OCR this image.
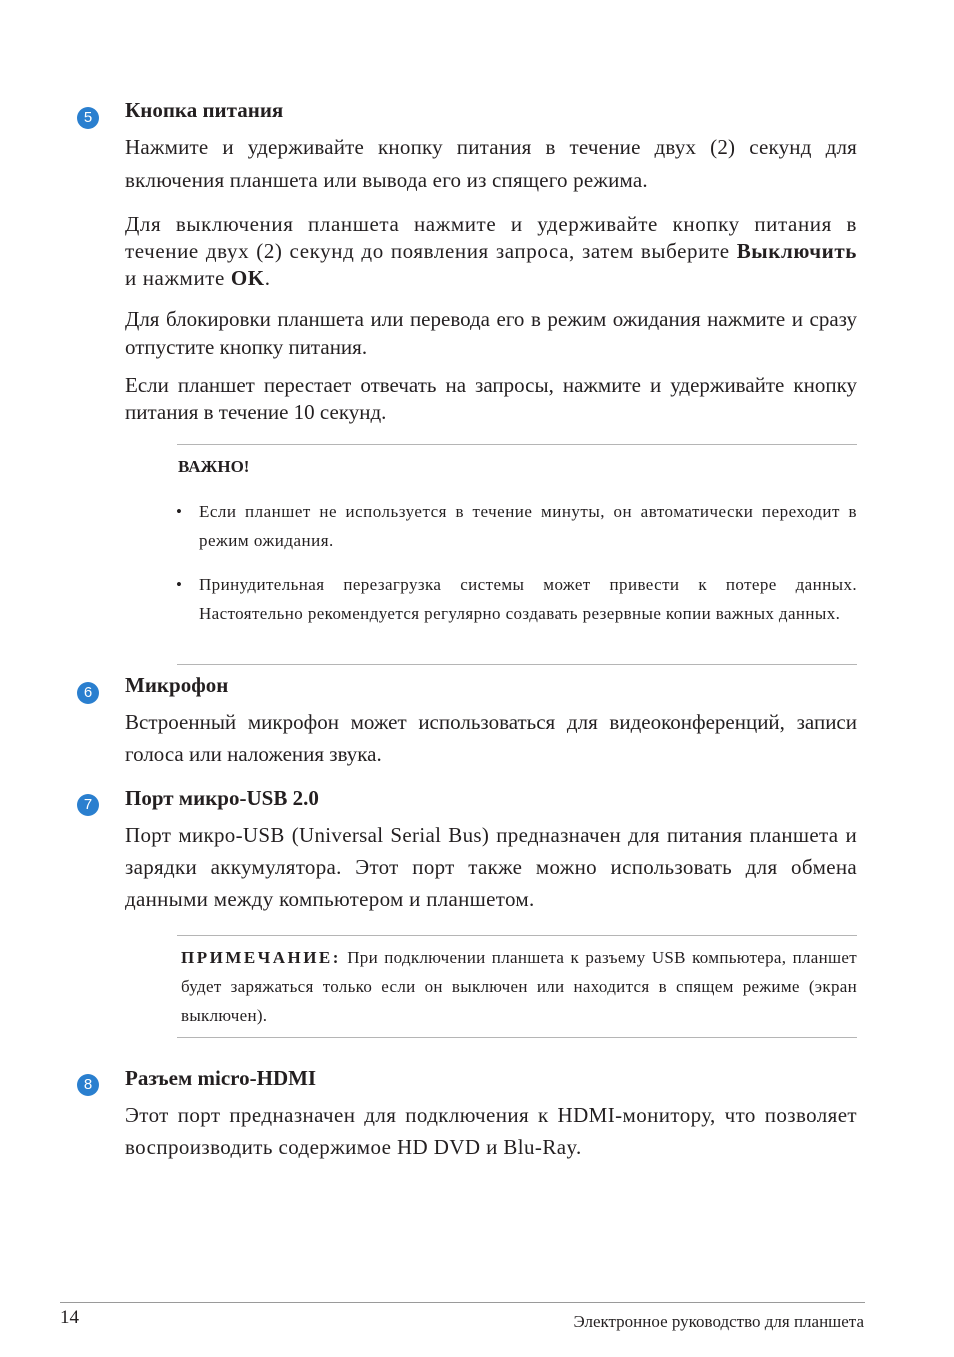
5	Кнопка питания

Нажмите и удерживайте кнопку питания в течение двух (2) секунд для включения планшета или вывода его из спящего режима.

Для выключения планшета нажмите и удерживайте кнопку питания в течение двух (2) секунд до появления запроса, затем выберите Выключить и нажмите OK.

Для блокировки планшета или перевода его в режим ожидания нажмите и сразу отпустите кнопку питания.

Если планшет перестает отвечать на запросы, нажмите и удерживайте кнопку питания в течение 10 секунд.

ВАЖНО!
• Если планшет не используется в течение минуты, он автоматически переходит в режим ожидания.
• Принудительная перезагрузка системы может привести к потере данных. Настоятельно рекомендуется регулярно создавать резервные копии важных данных.
6	Микрофон

Встроенный микрофон может использоваться для видеоконференций, записи голоса или наложения звука.

7	Порт микро-USB 2.0

Порт микро-USB (Universal Serial Bus) предназначен для питания планшета и зарядки аккумулятора. Этот порт также можно использовать для обмена данными между компьютером и планшетом.

ПРИМЕЧАНИЕ: При подключении планшета к разъему USB компьютера, планшет будет заряжаться только если он выключен или находится в спящем режиме (экран выключен).
8	Разъем micro-HDMI

Этот порт предназначен для подключения к HDMI-монитору, что позволяет воспроизводить содержимое HD DVD и Blu-Ray.

14	Электронное руководство для планшета
